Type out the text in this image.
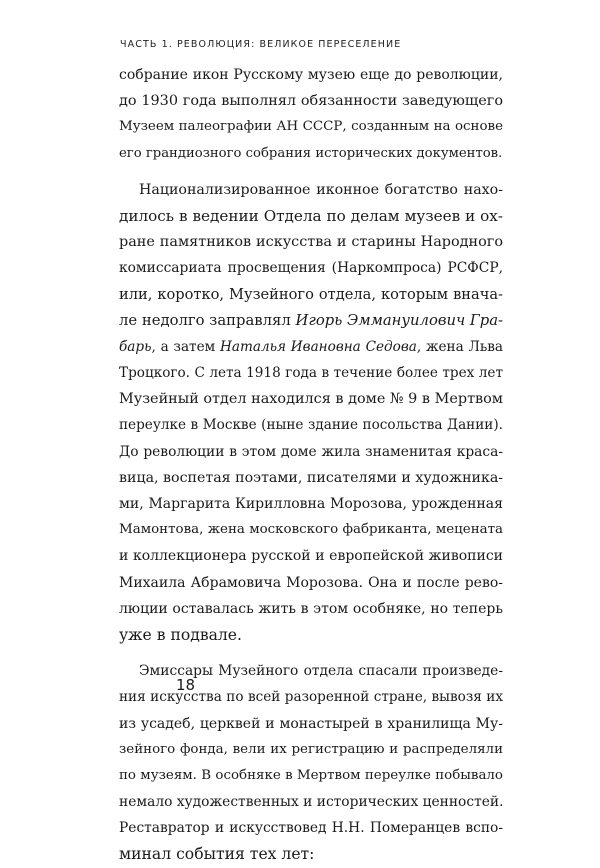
ЧАСТЬ 1. РЕВОЛЮЦИЯ: ВЕЛИКОЕ ПЕРЕСЕЛЕНИЕ
собрание икон Русскому музею еще до революции,
до 1930 года выполнял обязанности заведующего
Музеем палеографии АН СССР, созданным на основе
его грандиозного собрания исторических документов.
Национализированное иконное богатство нахо-
дилось в ведении Отдела по делам музеев и ох-
ране памятников искусства и старины Народного
комиссариата просвещения (Наркомпроса) РСФСР,
или, коротко, Музейного отдела, которым внача-
ле недолго заправлял Игорь Эммануилович Гра-
барь, а затем Наталья Ивановна Седова, жена Льва
Троцкого. С лета 1918 года в течение более трех лет
Музейный отдел находился в доме № 9 в Мертвом
переулке в Москве (ныне здание посольства Дании).
До революции в этом доме жила знаменитая краса-
вица, воспетая поэтами, писателями и художника-
ми, Маргарита Кирилловна Морозова, урожденная
Мамонтова, жена московского фабриканта, мецената
и коллекционера русской и европейской живописи
Михаила Абрамовича Морозова. Она и после рево-
люции оставалась жить в этом особняке, но теперь
уже в подвале.
Эмиссары Музейного отдела спасали произведе-
ния искусства по всей разоренной стране, вывозя их
из усадеб, церквей и монастырей в хранилища Му-
зейного фонда, вели их регистрацию и распределяли
по музеям. В особняке в Мертвом переулке побывало
немало художественных и исторических ценностей.
Реставратор и искусствовед Н.Н. Померанцев вспо-
минал события тех лет:
18
